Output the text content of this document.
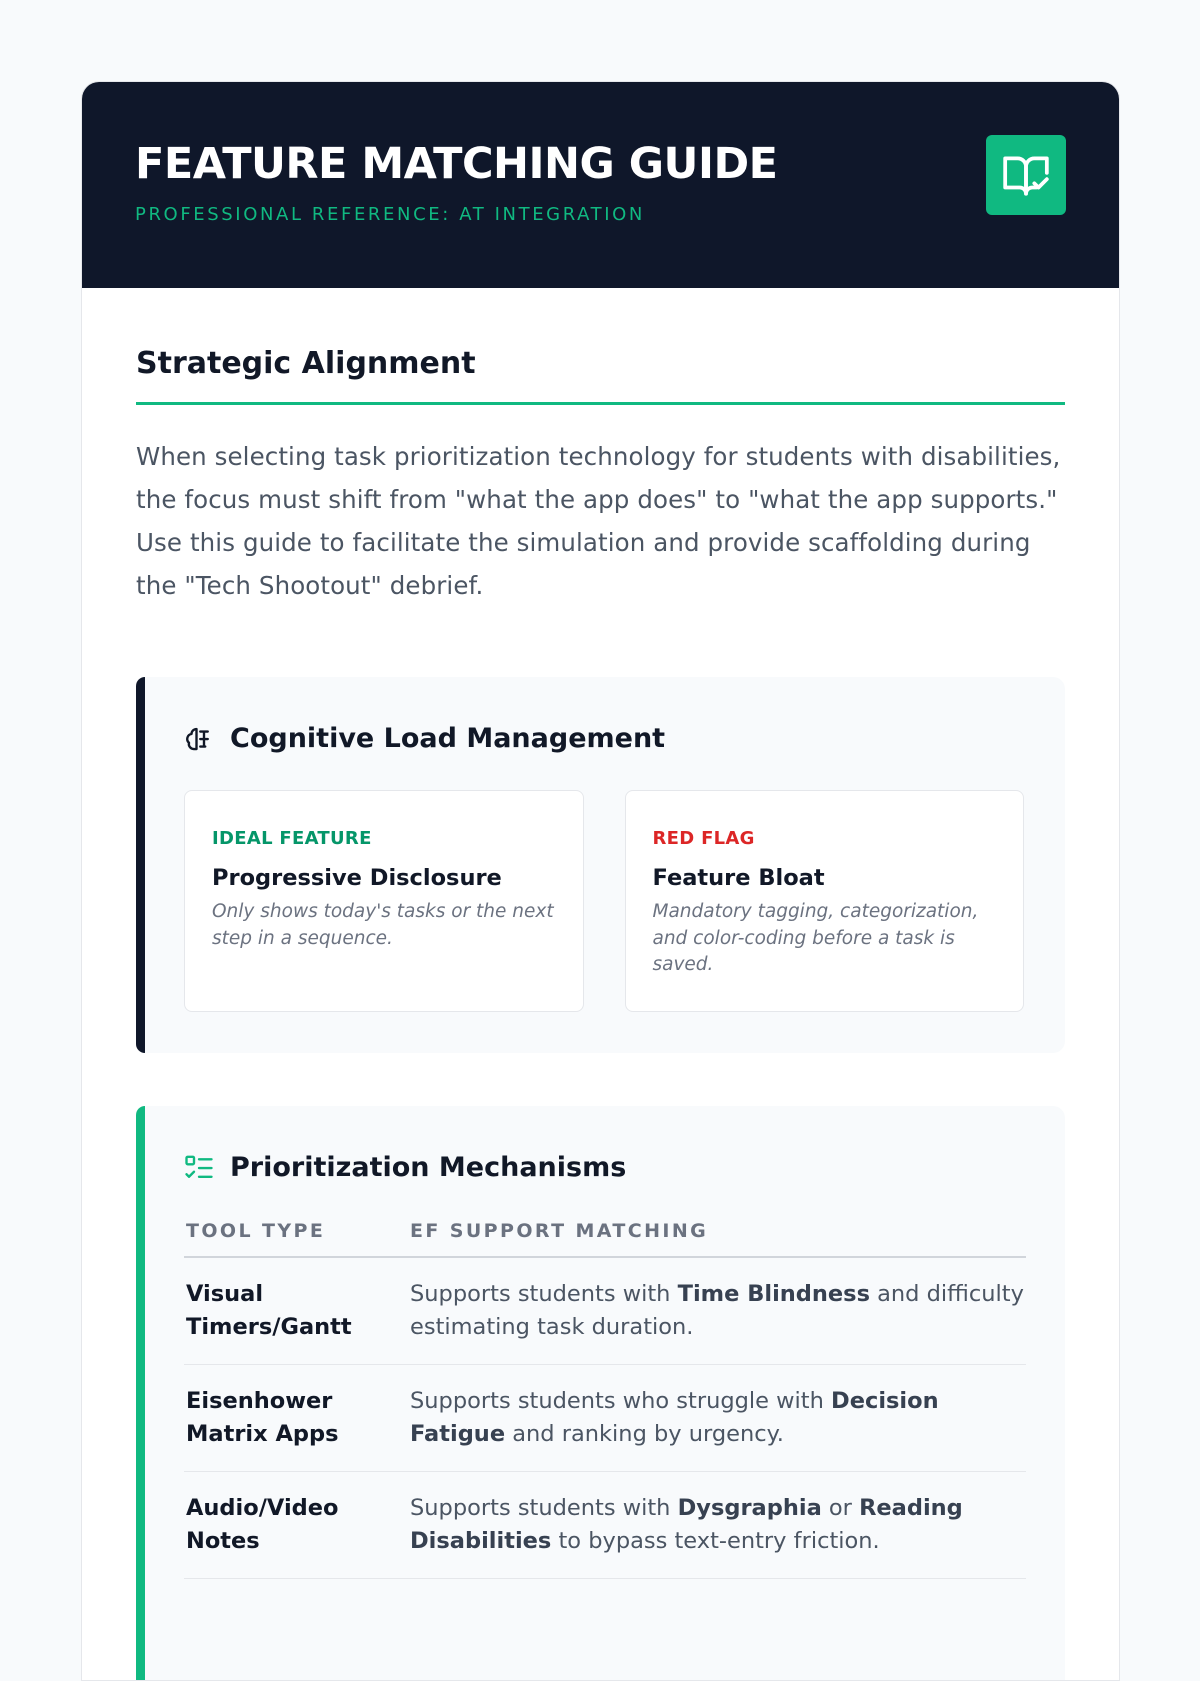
FEATURE MATCHING GUIDE
PROFESSIONAL REFERENCE: AT INTEGRATION
Strategic Alignment

When selecting task prioritization technology for students with disabilities, the focus must shift from "what the app does" to "what the app supports." Use this guide to facilitate the simulation and provide scaffolding during the "Tech Shootout" debrief.

Cognitive Load Management
IDEAL FEATURE
Progressive Disclosure
Only shows today's tasks or the next step in a sequence.
RED FLAG
Feature Bloat
Mandatory tagging, categorization, and color-coding before a task is saved.
Prioritization Mechanisms
TOOL TYPE	EF SUPPORT MATCHING
Visual Timers/Gantt	Supports students with Time Blindness and difficulty estimating task duration.
Eisenhower Matrix Apps	Supports students who struggle with Decision Fatigue and ranking by urgency.
Audio/Video Notes	Supports students with Dysgraphia or Reading Disabilities to bypass text-entry friction.
